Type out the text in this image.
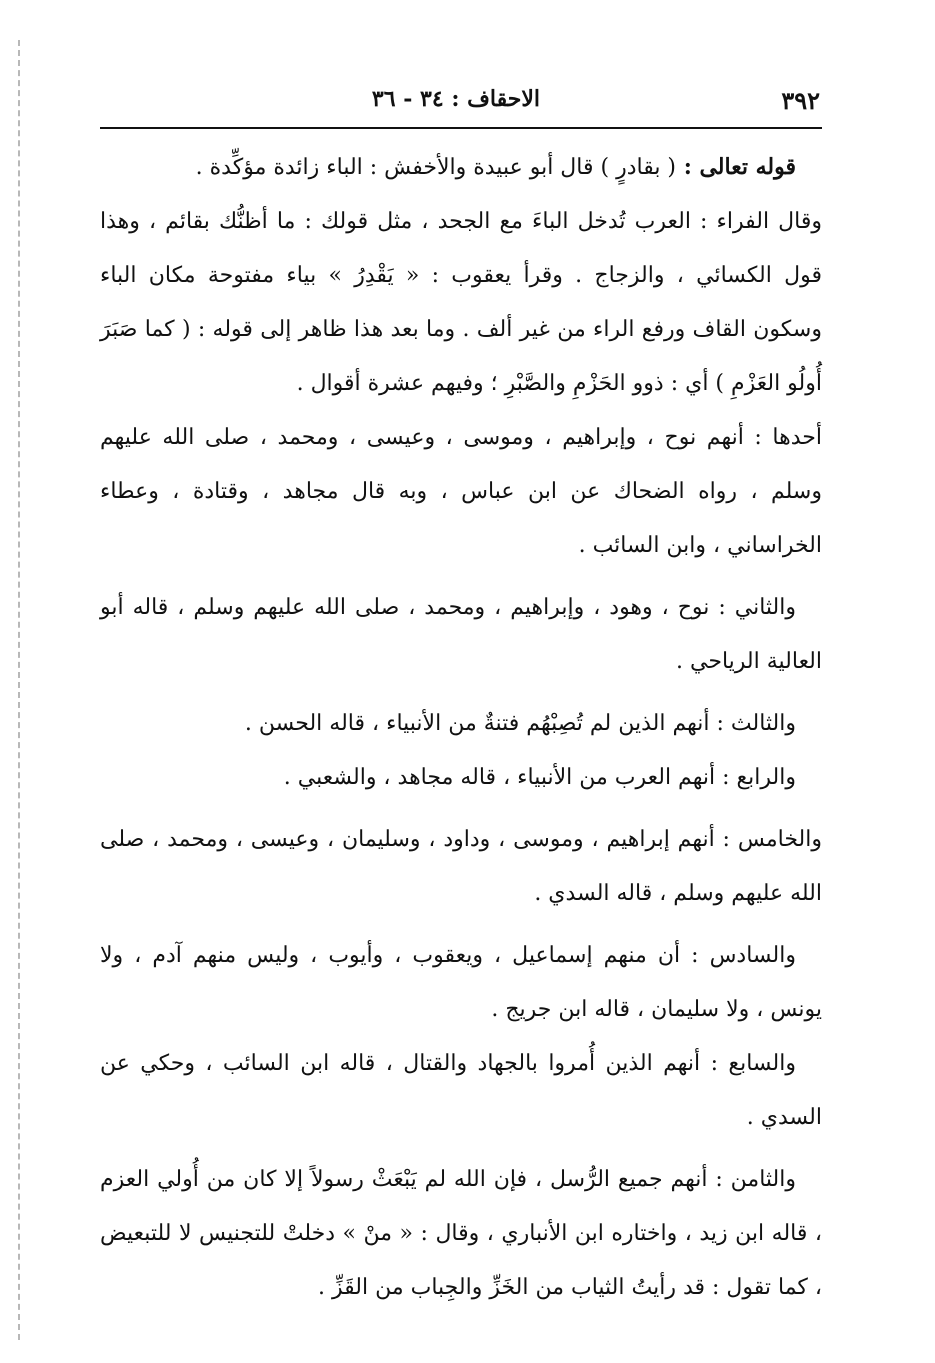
٣٩٢
الاحقاف : ٣٤ - ٣٦

قوله تعالى : ( بقادرٍ ) قال أبو عبيدة والأخفش : الباء زائدة مؤكِّدة .

وقال الفراء : العرب تُدخل الباءَ مع الجحد ، مثل قولك : ما أظنُّك بقائم ، وهذا قول الكسائي ، والزجاج . وقرأ يعقوب : « يَقْدِرُ » بياء مفتوحة مكان الباء وسكون القاف ورفع الراء من غير ألف . وما بعد هذا ظاهر إلى قوله : ( كما صَبَرَ أُولُو العَزْمِ ) أي : ذوو الحَزْمِ والصَّبْرِ ؛ وفيهم عشرة أقوال .

أحدها : أنهم نوح ، وإبراهيم ، وموسى ، وعيسى ، ومحمد ، صلى الله عليهم وسلم ، رواه الضحاك عن ابن عباس ، وبه قال مجاهد ، وقتادة ، وعطاء الخراساني ، وابن السائب .

والثاني : نوح ، وهود ، وإبراهيم ، ومحمد ، صلى الله عليهم وسلم ، قاله أبو العالية الرياحي .

والثالث : أنهم الذين لم تُصِبْهُم فتنةٌ من الأنبياء ، قاله الحسن .

والرابع : أنهم العرب من الأنبياء ، قاله مجاهد ، والشعبي .

والخامس : أنهم إبراهيم ، وموسى ، وداود ، وسليمان ، وعيسى ، ومحمد ، صلى الله عليهم وسلم ، قاله السدي .

والسادس : أن منهم إسماعيل ، ويعقوب ، وأيوب ، وليس منهم آدم ، ولا يونس ، ولا سليمان ، قاله ابن جريج .

والسابع : أنهم الذين أُمروا بالجهاد والقتال ، قاله ابن السائب ، وحكي عن السدي .

والثامن : أنهم جميع الرُّسل ، فإن الله لم يَبْعَثْ رسولاً إلا كان من أُولي العزم ، قاله ابن زيد ، واختاره ابن الأنباري ، وقال : « منْ » دخلتْ للتجنيس لا للتبعيض ، كما تقول : قد رأيتُ الثياب من الخَزِّ والجِباب من القَزِّ .
